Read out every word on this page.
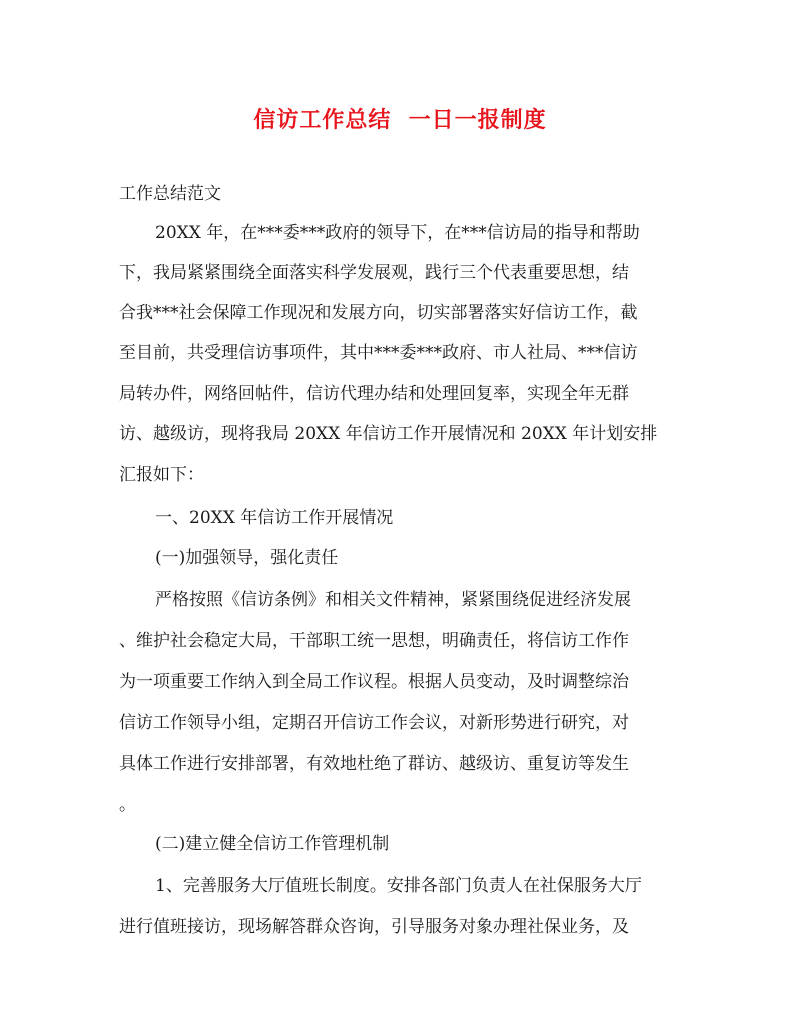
信访工作总结  一日一报制度
工作总结范文
20XX 年，在***委***政府的领导下，在***信访局的指导和帮助
下，我局紧紧围绕全面落实科学发展观，践行三个代表重要思想，结
合我***社会保障工作现况和发展方向，切实部署落实好信访工作，截
至目前，共受理信访事项件，其中***委***政府、市人社局、***信访
局转办件，网络回帖件，信访代理办结和处理回复率，实现全年无群
访、越级访，现将我局 20XX 年信访工作开展情况和 20XX 年计划安排
汇报如下：
一、20XX 年信访工作开展情况
(一)加强领导，强化责任
严格按照《信访条例》和相关文件精神，紧紧围绕促进经济发展
、维护社会稳定大局，干部职工统一思想，明确责任，将信访工作作
为一项重要工作纳入到全局工作议程。根据人员变动，及时调整综治
信访工作领导小组，定期召开信访工作会议，对新形势进行研究，对
具体工作进行安排部署，有效地杜绝了群访、越级访、重复访等发生
。
(二)建立健全信访工作管理机制
1、完善服务大厅值班长制度。安排各部门负责人在社保服务大厅
进行值班接访，现场解答群众咨询，引导服务对象办理社保业务，及
